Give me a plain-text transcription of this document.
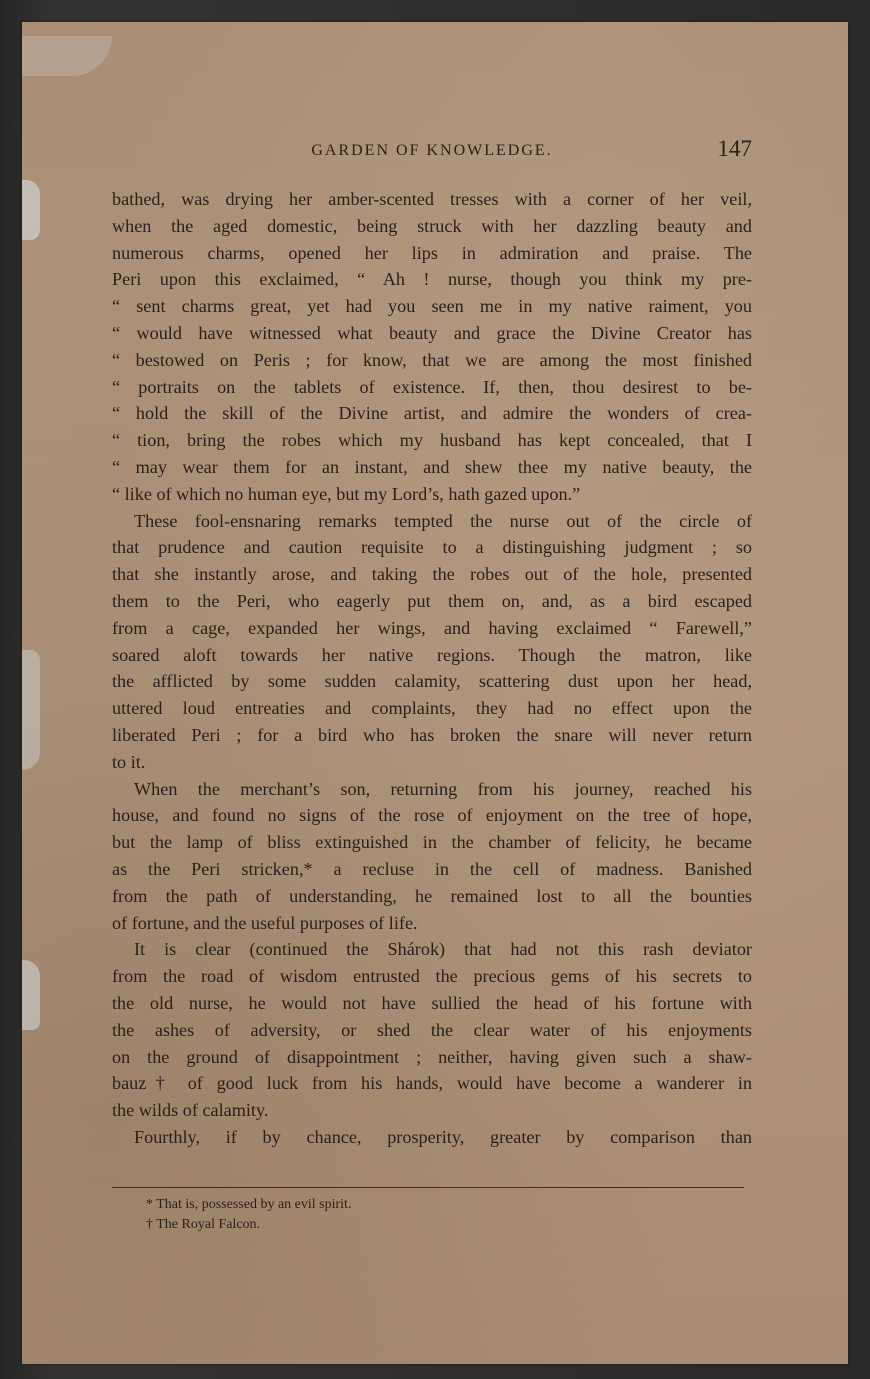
GARDEN OF KNOWLEDGE.	147
bathed, was drying her amber-scented tresses with a corner of her veil,
when the aged domestic, being struck with her dazzling beauty and
numerous charms, opened her lips in admiration and praise. The
Peri upon this exclaimed, “ Ah ! nurse, though you think my pre-
“ sent charms great, yet had you seen me in my native raiment, you
“ would have witnessed what beauty and grace the Divine Creator has
“ bestowed on Peris ; for know, that we are among the most finished
“ portraits on the tablets of existence. If, then, thou desirest to be-
“ hold the skill of the Divine artist, and admire the wonders of crea-
“ tion, bring the robes which my husband has kept concealed, that I
“ may wear them for an instant, and shew thee my native beauty, the
“ like of which no human eye, but my Lord’s, hath gazed upon.”
These fool-ensnaring remarks tempted the nurse out of the circle of
that prudence and caution requisite to a distinguishing judgment ; so
that she instantly arose, and taking the robes out of the hole, presented
them to the Peri, who eagerly put them on, and, as a bird escaped
from a cage, expanded her wings, and having exclaimed “ Farewell,”
soared aloft towards her native regions. Though the matron, like
the afflicted by some sudden calamity, scattering dust upon her head,
uttered loud entreaties and complaints, they had no effect upon the
liberated Peri ; for a bird who has broken the snare will never return
to it.
When the merchant’s son, returning from his journey, reached his
house, and found no signs of the rose of enjoyment on the tree of hope,
but the lamp of bliss extinguished in the chamber of felicity, he became
as the Peri stricken,* a recluse in the cell of madness. Banished
from the path of understanding, he remained lost to all the bounties
of fortune, and the useful purposes of life.
It is clear (continued the Shárok) that had not this rash deviator
from the road of wisdom entrusted the precious gems of his secrets to
the old nurse, he would not have sullied the head of his fortune with
the ashes of adversity, or shed the clear water of his enjoyments
on the ground of disappointment ; neither, having given such a shaw-
bauz† of good luck from his hands, would have become a wanderer in
the wilds of calamity.
Fourthly, if by chance, prosperity, greater by comparison than
* That is, possessed by an evil spirit.
† The Royal Falcon.
